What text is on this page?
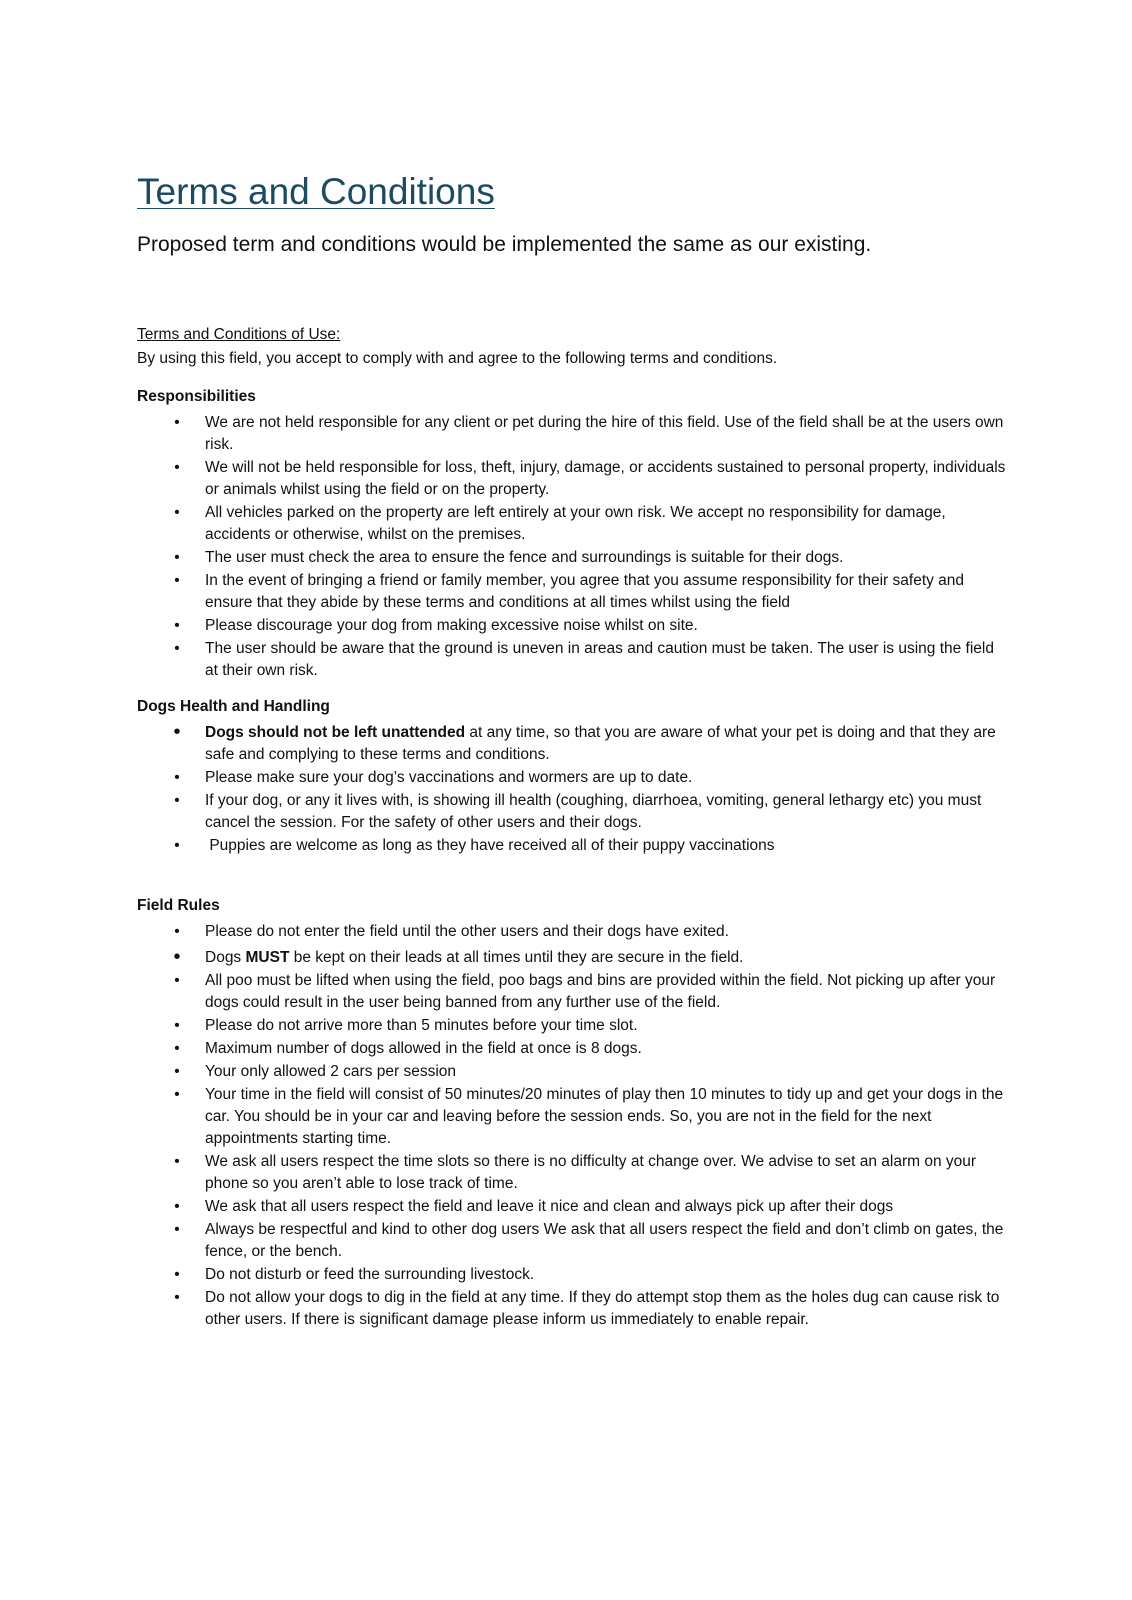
Terms and Conditions

Proposed term and conditions would be implemented the same as our existing.

Terms and Conditions of Use:
By using this field, you accept to comply with and agree to the following terms and conditions.
Responsibilities
• We are not held responsible for any client or pet during the hire of this field. Use of the field shall be at the users own risk.
• We will not be held responsible for loss, theft, injury, damage, or accidents sustained to personal property, individuals or animals whilst using the field or on the property.
• All vehicles parked on the property are left entirely at your own risk. We accept no responsibility for damage, accidents or otherwise, whilst on the premises.
• The user must check the area to ensure the fence and surroundings is suitable for their dogs.
• In the event of bringing a friend or family member, you agree that you assume responsibility for their safety and ensure that they abide by these terms and conditions at all times whilst using the field
• Please discourage your dog from making excessive noise whilst on site.
• The user should be aware that the ground is uneven in areas and caution must be taken. The user is using the field at their own risk.
Dogs Health and Handling
• Dogs should not be left unattended at any time, so that you are aware of what your pet is doing and that they are safe and complying to these terms and conditions.
• Please make sure your dog’s vaccinations and wormers are up to date.
• If your dog, or any it lives with, is showing ill health (coughing, diarrhoea, vomiting, general lethargy etc) you must cancel the session. For the safety of other users and their dogs.
• Puppies are welcome as long as they have received all of their puppy vaccinations
Field Rules
• Please do not enter the field until the other users and their dogs have exited.
• Dogs MUST be kept on their leads at all times until they are secure in the field.
• All poo must be lifted when using the field, poo bags and bins are provided within the field. Not picking up after your dogs could result in the user being banned from any further use of the field.
• Please do not arrive more than 5 minutes before your time slot.
• Maximum number of dogs allowed in the field at once is 8 dogs.
• Your only allowed 2 cars per session
• Your time in the field will consist of 50 minutes/20 minutes of play then 10 minutes to tidy up and get your dogs in the car. You should be in your car and leaving before the session ends. So, you are not in the field for the next appointments starting time.
• We ask all users respect the time slots so there is no difficulty at change over. We advise to set an alarm on your phone so you aren’t able to lose track of time.
• We ask that all users respect the field and leave it nice and clean and always pick up after their dogs
• Always be respectful and kind to other dog users We ask that all users respect the field and don’t climb on gates, the fence, or the bench.
• Do not disturb or feed the surrounding livestock.
• Do not allow your dogs to dig in the field at any time. If they do attempt stop them as the holes dug can cause risk to other users. If there is significant damage please inform us immediately to enable repair.
